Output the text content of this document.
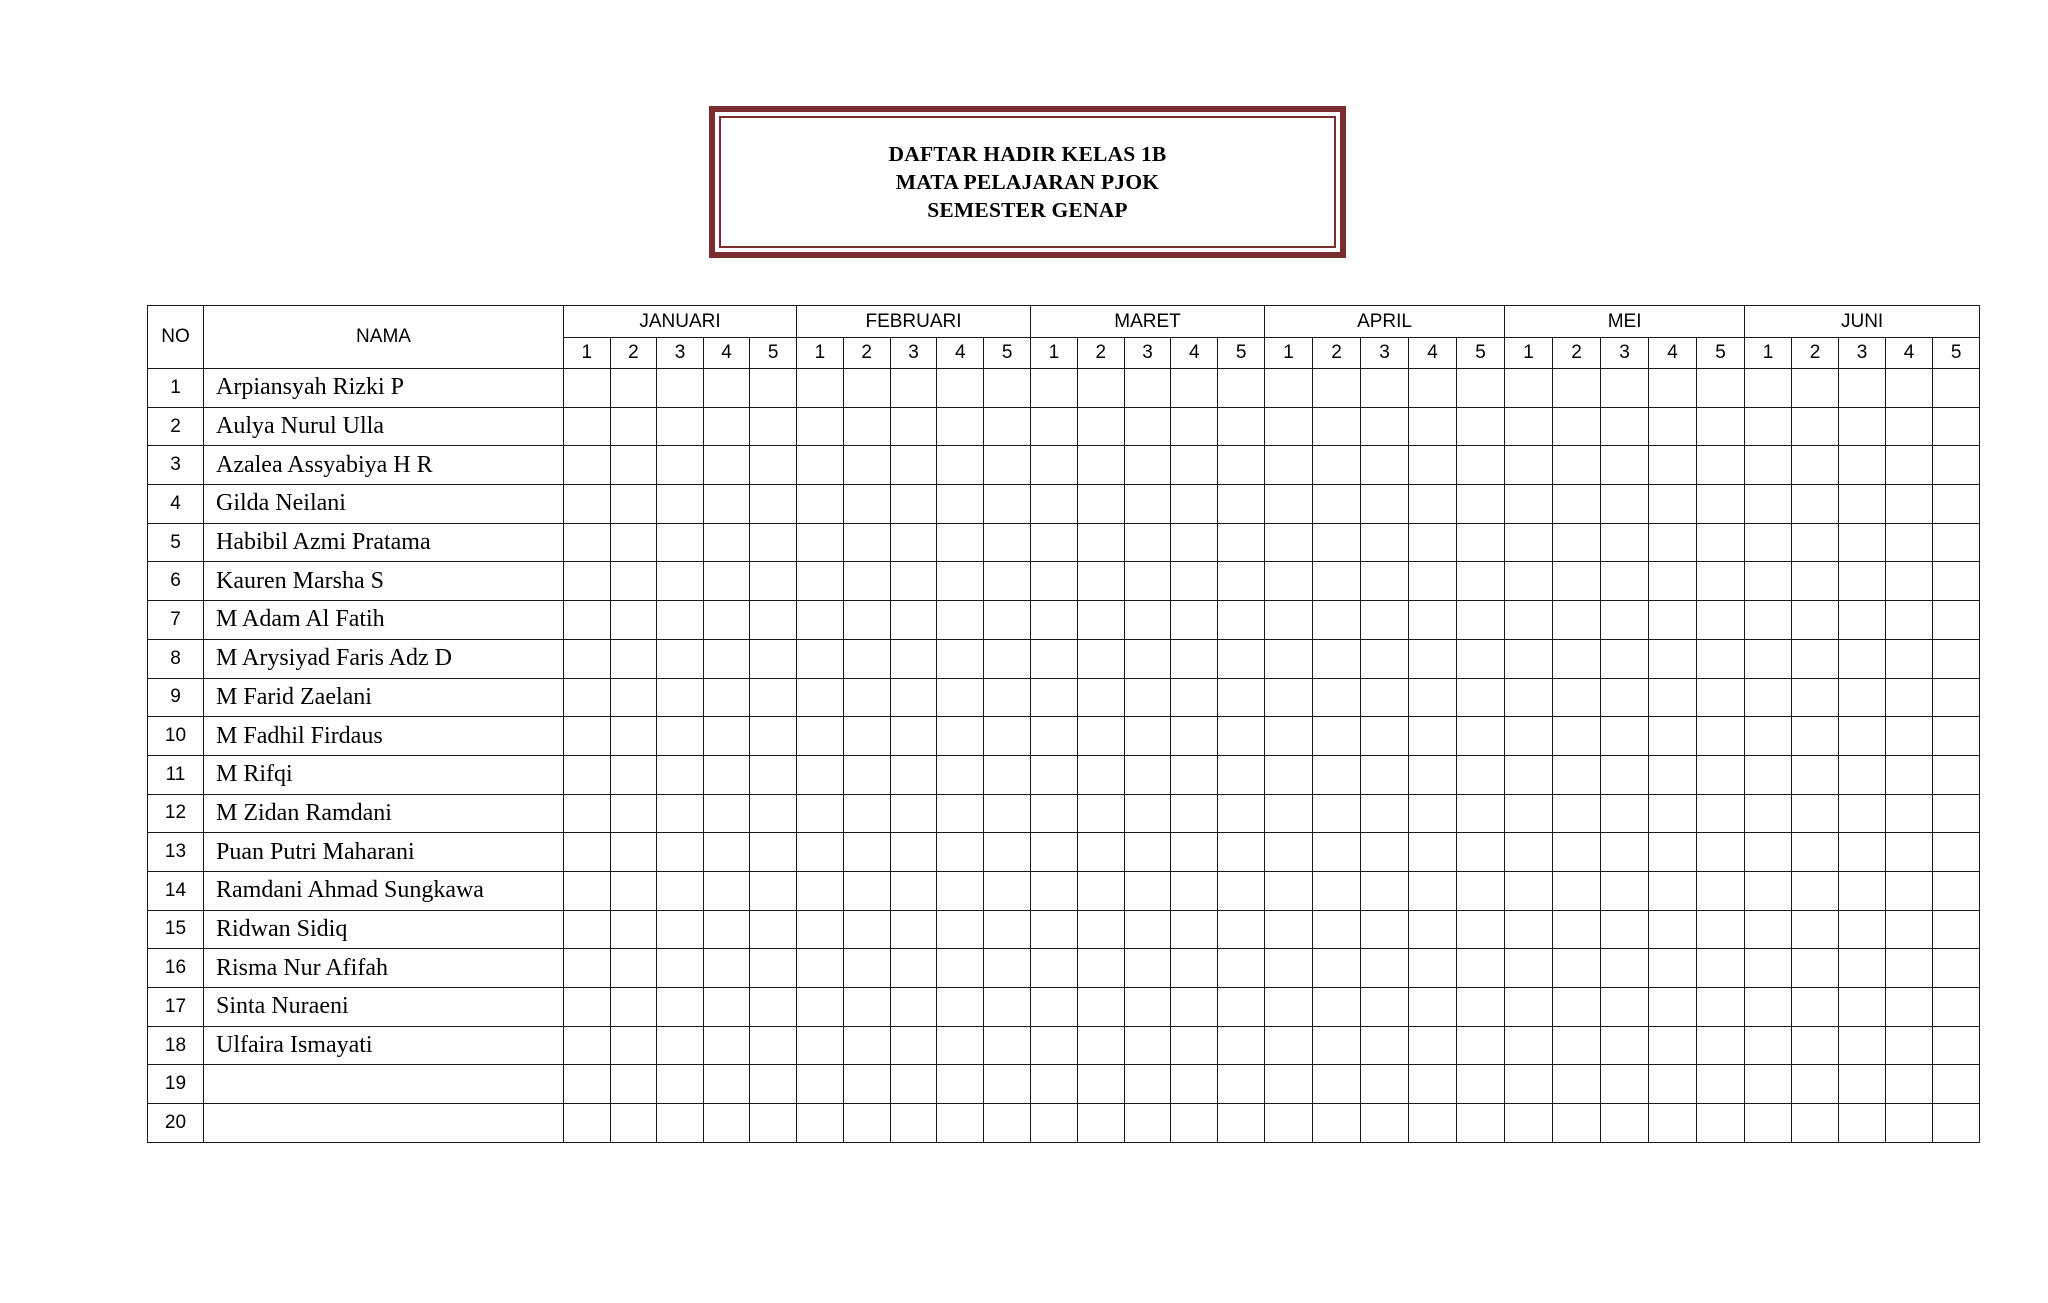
DAFTAR HADIR KELAS 1B
MATA PELAJARAN PJOK
SEMESTER GENAP
NO	NAMA	JANUARI					FEBRUARI					MARET					APRIL					MEI					JUNI				
		1	2	3	4	5	1	2	3	4	5	1	2	3	4	5	1	2	3	4	5	1	2	3	4	5	1	2	3	4	5
1	Arpiansyah Rizki P																														
2	Aulya Nurul Ulla																														
3	Azalea Assyabiya H R																														
4	Gilda Neilani																														
5	Habibil Azmi Pratama																														
6	Kauren Marsha S																														
7	M Adam Al Fatih																														
8	M Arysiyad Faris Adz D																														
9	M Farid Zaelani																														
10	M Fadhil Firdaus																														
11	M Rifqi																														
12	M Zidan Ramdani																														
13	Puan Putri Maharani																														
14	Ramdani Ahmad Sungkawa																														
15	Ridwan Sidiq																														
16	Risma Nur Afifah																														
17	Sinta Nuraeni																														
18	Ulfaira Ismayati																														
19																															
20																															
